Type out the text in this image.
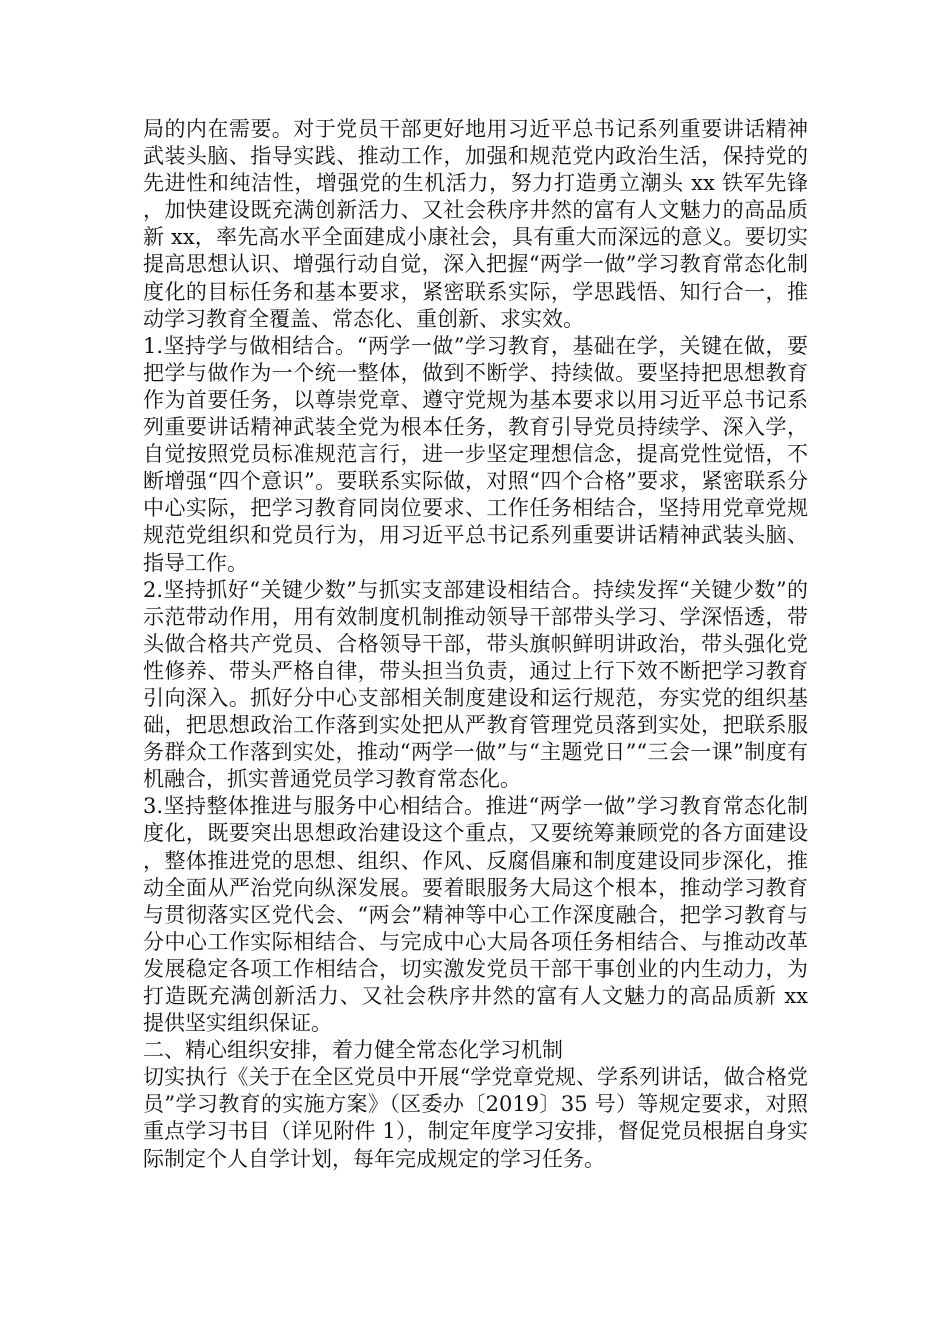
局的内在需要。对于党员干部更好地用习近平总书记系列重要讲话精神武装头脑、指导实践、推动工作，加强和规范党内政治生活，保持党的先进性和纯洁性，增强党的生机活力，努力打造勇立潮头 xx 铁军先锋，加快建设既充满创新活力、又社会秩序井然的富有人文魅力的高品质新 xx，率先高水平全面建成小康社会，具有重大而深远的意义。要切实提高思想认识、增强行动自觉，深入把握“两学一做”学习教育常态化制度化的目标任务和基本要求，紧密联系实际，学思践悟、知行合一，推动学习教育全覆盖、常态化、重创新、求实效。

1.坚持学与做相结合。“两学一做”学习教育，基础在学，关键在做，要把学与做作为一个统一整体，做到不断学、持续做。要坚持把思想教育作为首要任务，以尊崇党章、遵守党规为基本要求以用习近平总书记系列重要讲话精神武装全党为根本任务，教育引导党员持续学、深入学，自觉按照党员标准规范言行，进一步坚定理想信念，提高党性觉悟，不断增强“四个意识”。要联系实际做，对照“四个合格”要求，紧密联系分中心实际，把学习教育同岗位要求、工作任务相结合，坚持用党章党规规范党组织和党员行为，用习近平总书记系列重要讲话精神武装头脑、指导工作。

2.坚持抓好“关键少数”与抓实支部建设相结合。持续发挥“关键少数”的示范带动作用，用有效制度机制推动领导干部带头学习、学深悟透，带头做合格共产党员、合格领导干部，带头旗帜鲜明讲政治，带头强化党性修养、带头严格自律，带头担当负责，通过上行下效不断把学习教育引向深入。抓好分中心支部相关制度建设和运行规范，夯实党的组织基础，把思想政治工作落到实处把从严教育管理党员落到实处，把联系服务群众工作落到实处，推动“两学一做”与“主题党日”“三会一课”制度有机融合，抓实普通党员学习教育常态化。

3.坚持整体推进与服务中心相结合。推进“两学一做”学习教育常态化制度化，既要突出思想政治建设这个重点，又要统筹兼顾党的各方面建设，整体推进党的思想、组织、作风、反腐倡廉和制度建设同步深化，推动全面从严治党向纵深发展。要着眼服务大局这个根本，推动学习教育与贯彻落实区党代会、“两会”精神等中心工作深度融合，把学习教育与分中心工作实际相结合、与完成中心大局各项任务相结合、与推动改革发展稳定各项工作相结合，切实激发党员干部干事创业的内生动力，为打造既充满创新活力、又社会秩序井然的富有人文魅力的高品质新 xx 提供坚实组织保证。

二、精心组织安排，着力健全常态化学习机制

切实执行《关于在全区党员中开展“学党章党规、学系列讲话，做合格党员”学习教育的实施方案》（区委办〔2019〕35 号）等规定要求，对照重点学习书目（详见附件 1），制定年度学习安排，督促党员根据自身实际制定个人自学计划，每年完成规定的学习任务。
